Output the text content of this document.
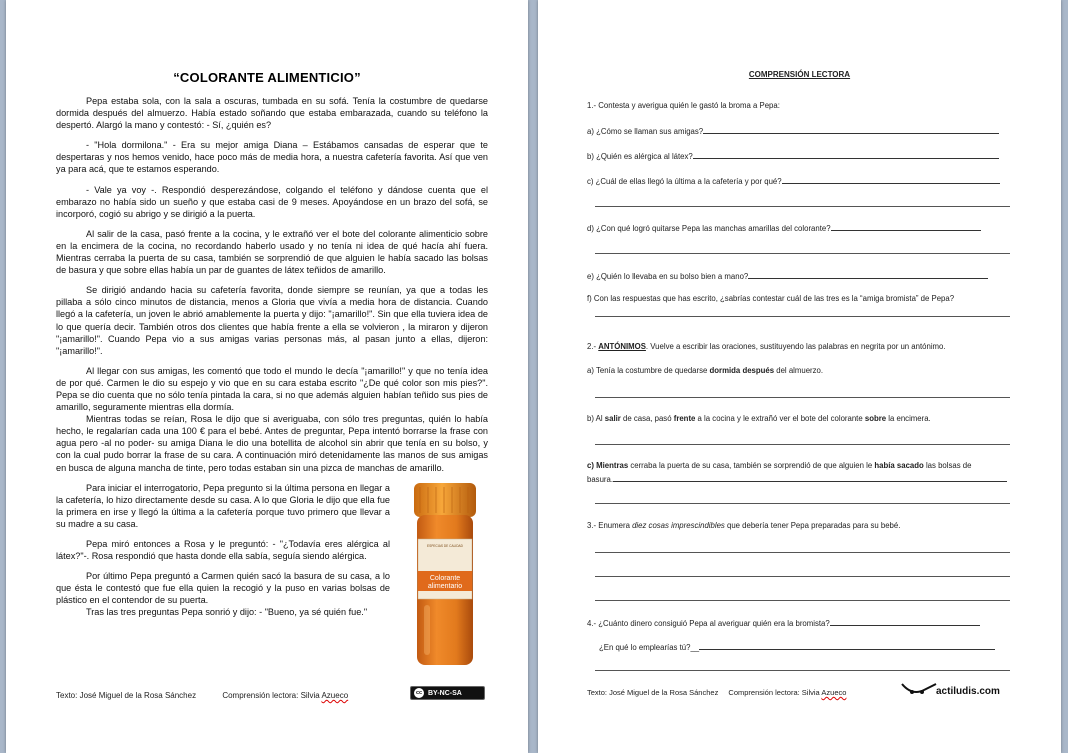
“COLORANTE ALIMENTICIO”

Pepa estaba sola, con la sala a oscuras, tumbada en su sofá. Tenía la costumbre de quedarse dormida después del almuerzo. Había estado soñando que estaba embarazada, cuando su teléfono la despertó. Alargó la mano y contestó: - Sí, ¿quién es?

- "Hola dormilona." - Era su mejor amiga Diana – Estábamos cansadas de esperar que te despertaras y nos hemos venido, hace poco más de media hora, a nuestra cafetería favorita. Así que ven ya para acá, que te estamos esperando.

- Vale ya voy -. Respondió desperezándose, colgando el teléfono y dándose cuenta que el embarazo no había sido un sueño y que estaba casi de 9 meses. Apoyándose en un brazo del sofá, se incorporó, cogió su abrigo y se dirigió a la puerta.

Al salir de la casa, pasó frente a la cocina, y le extrañó ver el bote del colorante alimenticio sobre en la encimera de la cocina, no recordando haberlo usado y no tenía ni idea de qué hacía ahí fuera. Mientras cerraba la puerta de su casa, también se sorprendió de que alguien le había sacado las bolsas de basura y que sobre ellas había un par de guantes de látex teñidos de amarillo.

Se dirigió andando hacia su cafetería favorita, donde siempre se reunían, ya que a todas les pillaba a sólo cinco minutos de distancia, menos a Gloria que vivía a media hora de distancia. Cuando llegó a la cafetería, un joven le abrió amablemente la puerta y dijo: "¡amarillo!". Sin que ella tuviera idea de lo que quería decir. También otros dos clientes que había frente a ella se volvieron , la miraron y dijeron "¡amarillo!". Cuando Pepa vio a sus amigas varias personas más, al pasan junto a ellas, dijeron: "¡amarillo!".

Al llegar con sus amigas, les comentó que todo el mundo le decía "¡amarillo!" y que no tenía idea de por qué. Carmen le dio su espejo y vio que en su cara estaba escrito "¿De qué color son mis pies?". Pepa se dio cuenta que no sólo tenía pintada la cara, si no que además alguien habían teñido sus pies de amarillo, seguramente mientras ella dormía.

Mientras todas se reían, Rosa le dijo que si averiguaba, con sólo tres preguntas, quién lo había hecho, le regalarían cada una 100 € para el bebé. Antes de preguntar, Pepa intentó borrarse la frase con agua pero -al no poder- su amiga Diana le dio una botellita de alcohol sin abrir que tenía en su bolso, y con la cual pudo borrar la frase de su cara. A continuación miró detenidamente las manos de sus amigas en busca de alguna mancha de tinte, pero todas estaban sin una pizca de manchas de amarillo.

Para iniciar el interrogatorio, Pepa pregunto si la última persona en llegar a la cafetería, lo hizo directamente desde su casa. A lo que Gloria le dijo que ella fue la primera en irse y llegó la última a la cafetería porque tuvo primero que llevar a su madre a su casa.

Pepa miró entonces a Rosa y le preguntó: - "¿Todavía eres alérgica al látex?"-. Rosa respondió que hasta donde ella sabía, seguía siendo alérgica.

Por último Pepa preguntó a Carmen quién sacó la basura de su casa, a lo que ésta le contestó que fue ella quien la recogió y la puso en varias bolsas de plástico en el contendor de su puerta.

Tras las tres preguntas Pepa sonrió y dijo: - "Bueno, ya sé quién fue."

ESPECIAS DE CALIDAD
Colorante
alimentario
Texto: José Miguel de la Rosa Sánchez	Comprensión lectora: Silvia Azueco	cc BY-NC-SA
COMPRENSIÓN LECTORA
1.- Contesta y averigua quién le gastó la broma a Pepa:
a) ¿Cómo se llaman sus amigas?
b) ¿Quién es alérgica al látex?
c) ¿Cuál de ellas llegó la última a la cafetería y por qué?
d) ¿Con qué logró quitarse Pepa las manchas amarillas del colorante?
e) ¿Quién lo llevaba en su bolso bien a mano?
f) Con las respuestas que has escrito, ¿sabrías contestar cuál de las tres es la “amiga bromista” de Pepa?
2.- ANTÓNIMOS. Vuelve a escribir las oraciones, sustituyendo las palabras en negrita por un antónimo.
a) Tenía la costumbre de quedarse dormida después del almuerzo.
b) Al salir de casa, pasó frente a la cocina y le extrañó ver el bote del colorante sobre la encimera.
c) Mientras cerraba la puerta de su casa, también se sorprendió de que alguien le había sacado las bolsas de
basura.
3.- Enumera diez cosas imprescindibles que debería tener Pepa preparadas para su bebé.
4.- ¿Cuánto dinero consiguió Pepa al averiguar quién era la bromista?
¿En qué lo emplearías tú?__
Texto: José Miguel de la Rosa Sánchez Comprensión lectora: Silvia Azueco	actiludis.com
